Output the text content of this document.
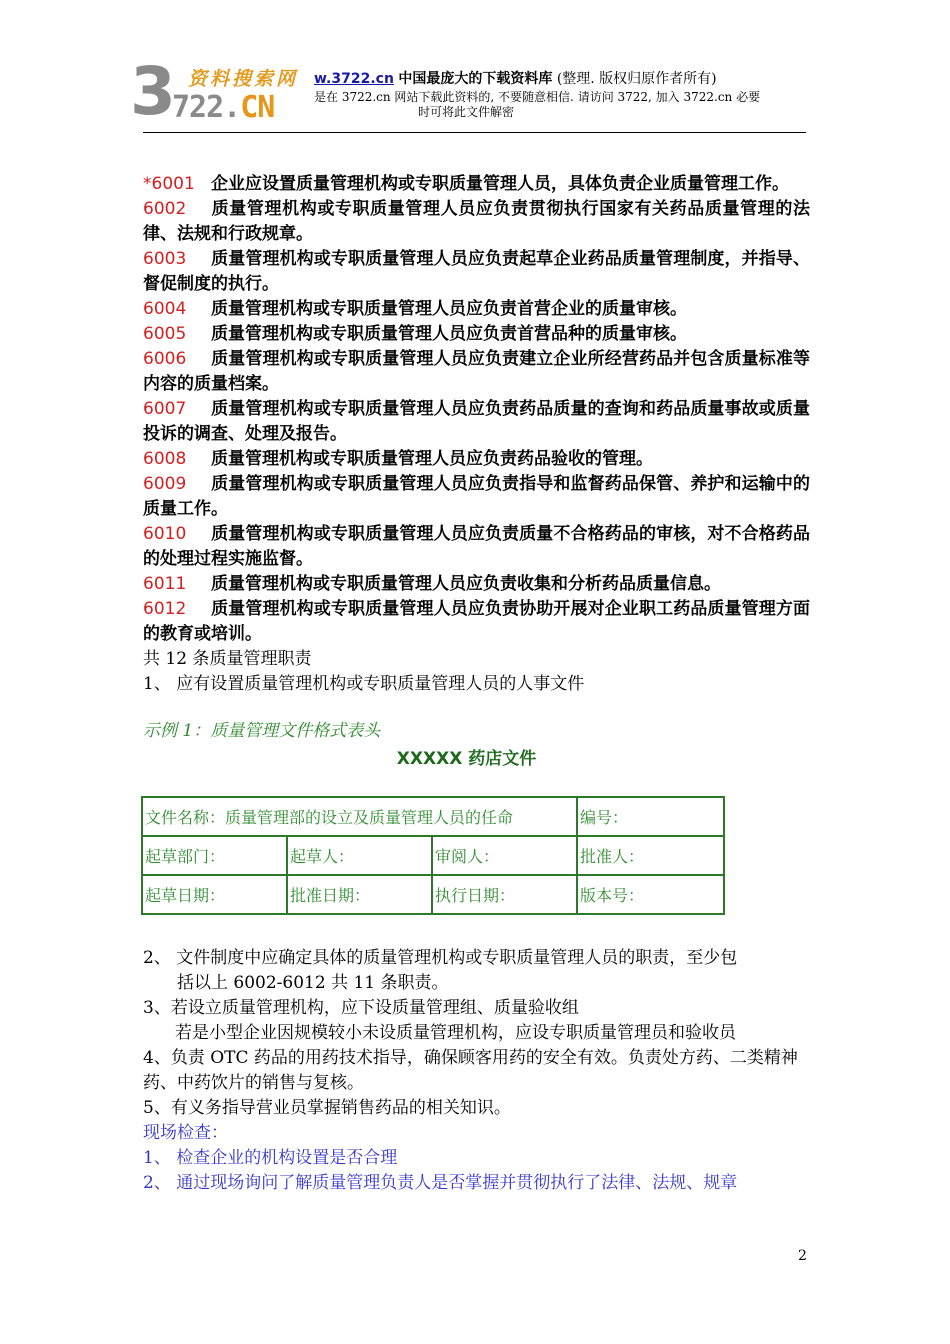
3 资料搜索网
722.CN
w.3722.cn 中国最庞大的下载资料库 (整理. 版权归原作者所有)
是在 3722.cn 网站下载此资料的, 不要随意相信. 请访问 3722, 加入 3722.cn 必要
时可将此文件解密
*6001 企业应设置质量管理机构或专职质量管理人员，具体负责企业质量管理工作。
6002 质量管理机构或专职质量管理人员应负责贯彻执行国家有关药品质量管理的法律、法规和行政规章。
6003 质量管理机构或专职质量管理人员应负责起草企业药品质量管理制度，并指导、督促制度的执行。
6004 质量管理机构或专职质量管理人员应负责首营企业的质量审核。
6005 质量管理机构或专职质量管理人员应负责首营品种的质量审核。
6006 质量管理机构或专职质量管理人员应负责建立企业所经营药品并包含质量标准等内容的质量档案。
6007 质量管理机构或专职质量管理人员应负责药品质量的查询和药品质量事故或质量投诉的调查、处理及报告。
6008 质量管理机构或专职质量管理人员应负责药品验收的管理。
6009 质量管理机构或专职质量管理人员应负责指导和监督药品保管、养护和运输中的质量工作。
6010 质量管理机构或专职质量管理人员应负责质量不合格药品的审核，对不合格药品的处理过程实施监督。
6011 质量管理机构或专职质量管理人员应负责收集和分析药品质量信息。
6012 质量管理机构或专职质量管理人员应负责协助开展对企业职工药品质量管理方面的教育或培训。
共 12 条质量管理职责
1、 应有设置质量管理机构或专职质量管理人员的人事文件
示例 1：质量管理文件格式表头
XXXXX 药店文件
文件名称：质量管理部的设立及质量管理人员的任命			编号：
起草部门：	起草人：	审阅人：	批准人：
起草日期：	批准日期：	执行日期：	版本号：
2、 文件制度中应确定具体的质量管理机构或专职质量管理人员的职责，至少包
括以上 6002-6012 共 11 条职责。
3、若设立质量管理机构，应下设质量管理组、质量验收组
若是小型企业因规模较小未设质量管理机构，应设专职质量管理员和验收员
4、负责 OTC 药品的用药技术指导，确保顾客用药的安全有效。负责处方药、二类精神药、中药饮片的销售与复核。
5、有义务指导营业员掌握销售药品的相关知识。
现场检查：
1、 检查企业的机构设置是否合理
2、 通过现场询问了解质量管理负责人是否掌握并贯彻执行了法律、法规、规章
2
